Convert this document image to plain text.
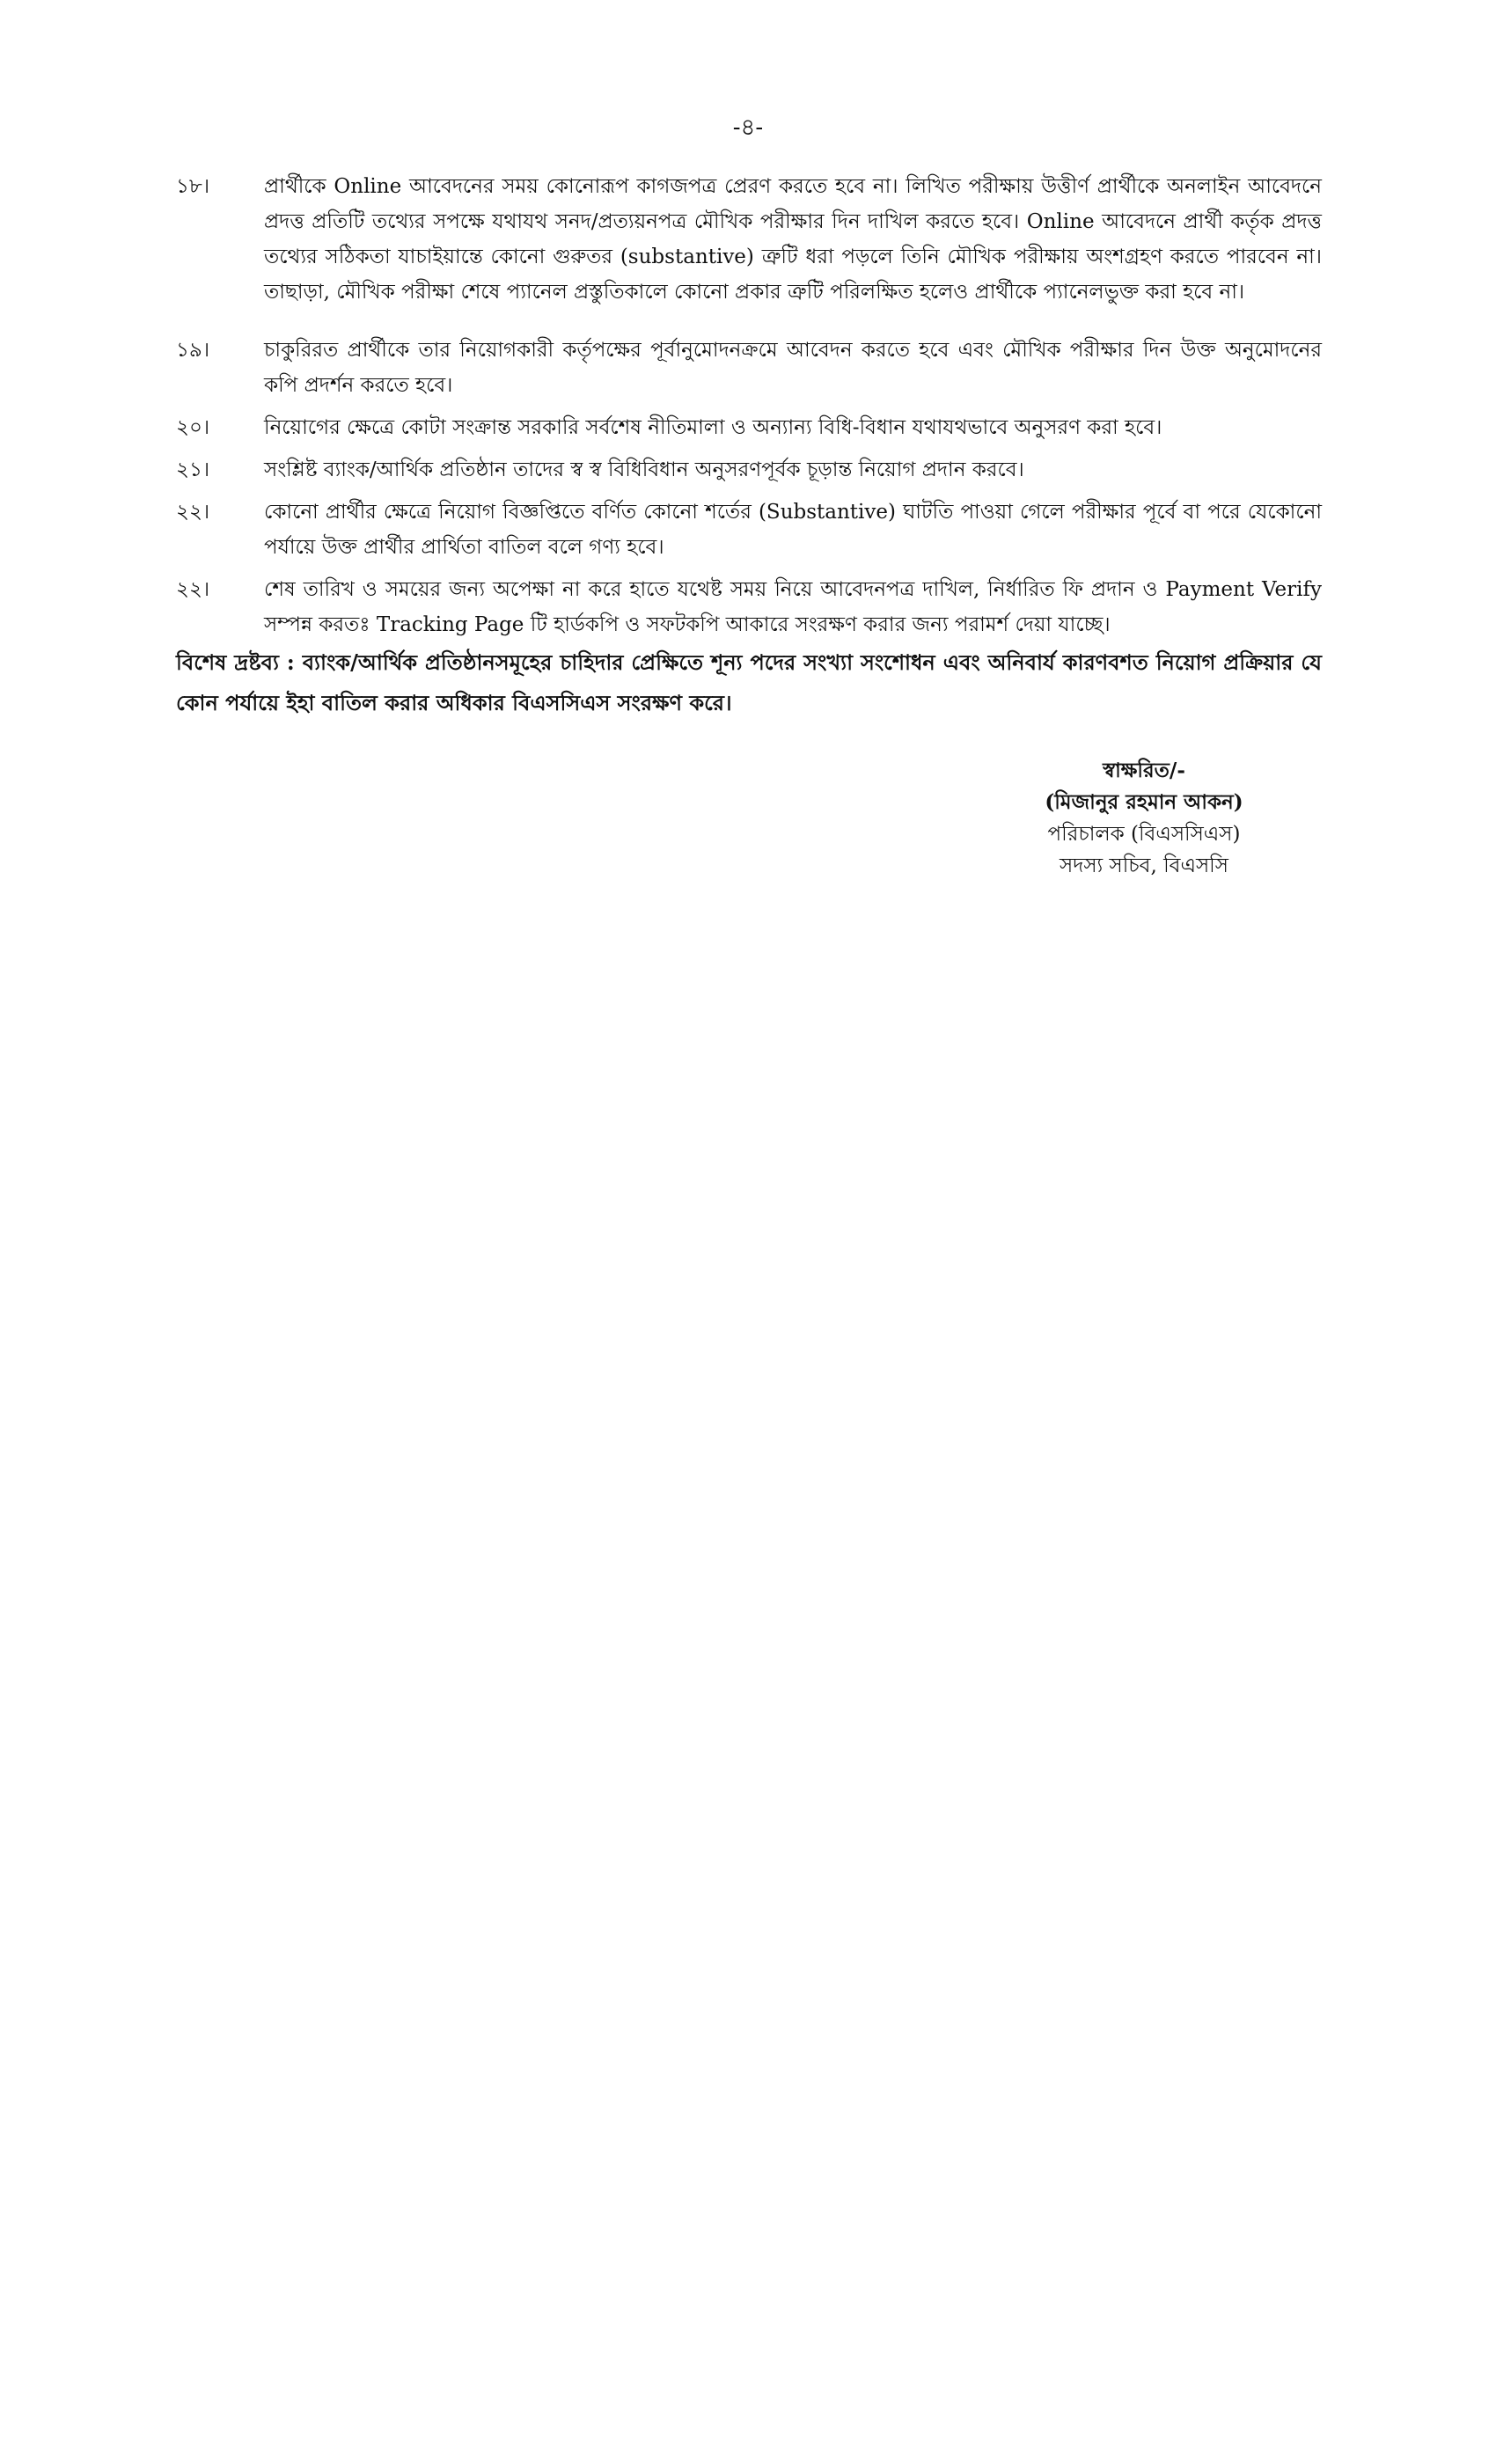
-৪-
১৮।	প্রার্থীকে Online আবেদনের সময় কোনোরূপ কাগজপত্র প্রেরণ করতে হবে না। লিখিত পরীক্ষায় উত্তীর্ণ প্রার্থীকে অনলাইন আবেদনে প্রদত্ত প্রতিটি তথ্যের সপক্ষে যথাযথ সনদ/প্রত্যয়নপত্র মৌখিক পরীক্ষার দিন দাখিল করতে হবে। Online আবেদনে প্রার্থী কর্তৃক প্রদত্ত তথ্যের সঠিকতা যাচাইয়ান্তে কোনো গুরুতর (substantive) ত্রুটি ধরা পড়লে তিনি মৌখিক পরীক্ষায় অংশগ্রহণ করতে পারবেন না। তাছাড়া, মৌখিক পরীক্ষা শেষে প্যানেল প্রস্তুতিকালে কোনো প্রকার ত্রুটি পরিলক্ষিত হলেও প্রার্থীকে প্যানেলভুক্ত করা হবে না।
১৯।	চাকুরিরত প্রার্থীকে তার নিয়োগকারী কর্তৃপক্ষের পূর্বানুমোদনক্রমে আবেদন করতে হবে এবং মৌখিক পরীক্ষার দিন উক্ত অনুমোদনের কপি প্রদর্শন করতে হবে।
২০।	নিয়োগের ক্ষেত্রে কোটা সংক্রান্ত সরকারি সর্বশেষ নীতিমালা ও অন্যান্য বিধি-বিধান যথাযথভাবে অনুসরণ করা হবে।
২১।	সংশ্লিষ্ট ব্যাংক/আর্থিক প্রতিষ্ঠান তাদের স্ব স্ব বিধিবিধান অনুসরণপূর্বক চূড়ান্ত নিয়োগ প্রদান করবে।
২২।	কোনো প্রার্থীর ক্ষেত্রে নিয়োগ বিজ্ঞপ্তিতে বর্ণিত কোনো শর্তের (Substantive) ঘাটতি পাওয়া গেলে পরীক্ষার পূর্বে বা পরে যেকোনো পর্যায়ে উক্ত প্রার্থীর প্রার্থিতা বাতিল বলে গণ্য হবে।
২২।	শেষ তারিখ ও সময়ের জন্য অপেক্ষা না করে হাতে যথেষ্ট সময় নিয়ে আবেদনপত্র দাখিল, নির্ধারিত ফি প্রদান ও Payment Verify সম্পন্ন করতঃ Tracking Page টি হার্ডকপি ও সফটকপি আকারে সংরক্ষণ করার জন্য পরামর্শ দেয়া যাচ্ছে।
বিশেষ দ্রষ্টব্য : ব্যাংক/আর্থিক প্রতিষ্ঠানসমূহের চাহিদার প্রেক্ষিতে শূন্য পদের সংখ্যা সংশোধন এবং অনিবার্য কারণবশত নিয়োগ প্রক্রিয়ার যে কোন পর্যায়ে ইহা বাতিল করার অধিকার বিএসসিএস সংরক্ষণ করে।
স্বাক্ষরিত/-
(মিজানুর রহমান আকন)
পরিচালক (বিএসসিএস)
সদস্য সচিব, বিএসসি
